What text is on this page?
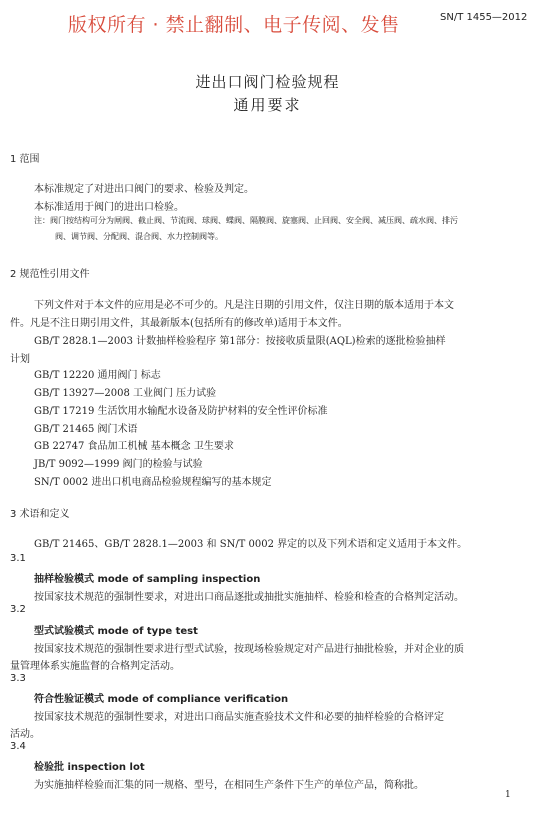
版权所有 · 禁止翻制、电子传阅、发售	SN/T 1455—2012
进出口阀门检验规程
通用要求
1 范围
本标准规定了对进出口阀门的要求、检验及判定。
本标准适用于阀门的进出口检验。
注：阀门按结构可分为闸阀、截止阀、节流阀、球阀、蝶阀、隔膜阀、旋塞阀、止回阀、安全阀、减压阀、疏水阀、排污
阀、调节阀、分配阀、混合阀、水力控制阀等。
2 规范性引用文件
下列文件对于本文件的应用是必不可少的。凡是注日期的引用文件，仅注日期的版本适用于本文
件。凡是不注日期引用文件，其最新版本(包括所有的修改单)适用于本文件。
GB/T 2828.1—2003 计数抽样检验程序 第1部分：按接收质量限(AQL)检索的逐批检验抽样
计划
GB/T 12220 通用阀门 标志
GB/T 13927—2008 工业阀门 压力试验
GB/T 17219 生活饮用水输配水设备及防护材料的安全性评价标准
GB/T 21465 阀门术语
GB 22747 食品加工机械 基本概念 卫生要求
JB/T 9092—1999 阀门的检验与试验
SN/T 0002 进出口机电商品检验规程编写的基本规定
3 术语和定义
GB/T 21465、GB/T 2828.1—2003 和 SN/T 0002 界定的以及下列术语和定义适用于本文件。
3.1
抽样检验模式 mode of sampling inspection
按国家技术规范的强制性要求，对进出口商品逐批或抽批实施抽样、检验和检查的合格判定活动。
3.2
型式试验模式 mode of type test
按国家技术规范的强制性要求进行型式试验，按现场检验规定对产品进行抽批检验，并对企业的质
量管理体系实施监督的合格判定活动。
3.3
符合性验证模式 mode of compliance verification
按国家技术规范的强制性要求，对进出口商品实施查验技术文件和必要的抽样检验的合格评定
活动。
3.4
检验批 inspection lot
为实施抽样检验而汇集的同一规格、型号，在相同生产条件下生产的单位产品，简称批。
1
